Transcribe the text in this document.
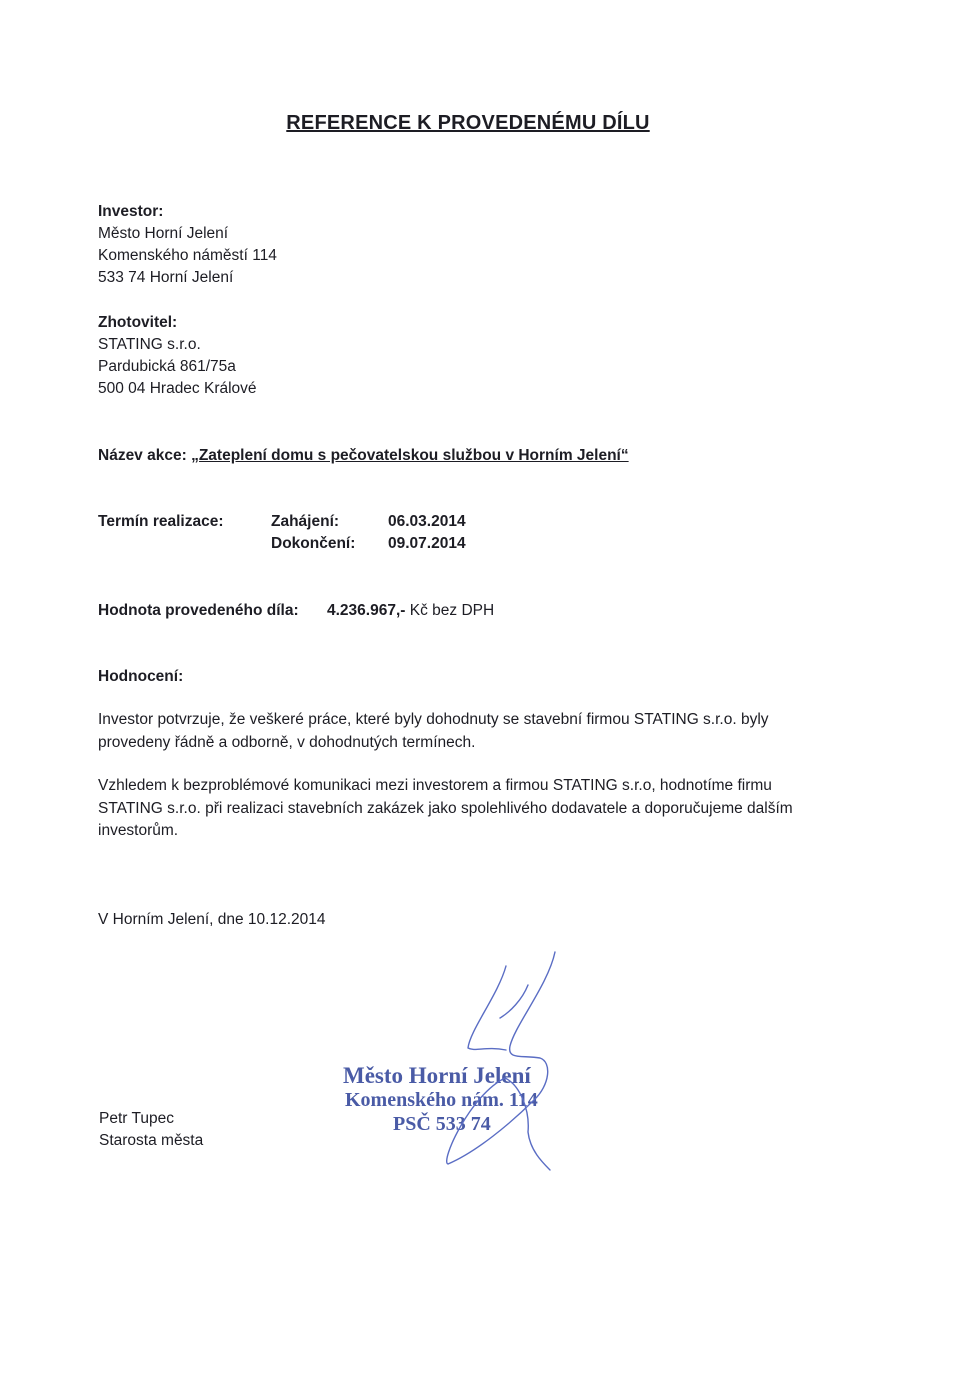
REFERENCE K PROVEDENÉMU DÍLU
Investor:
Město Horní Jelení
Komenského náměstí 114
533 74 Horní Jelení
Zhotovitel:
STATING s.r.o.
Pardubická 861/75a
500 04 Hradec Králové
Název akce: „Zateplení domu s pečovatelskou službou v Horním Jelení“
Termín realizace:	Zahájení:	06.03.2014
Dokončení: 09.07.2014
Hodnota provedeného díla: 4.236.967,- Kč bez DPH
Hodnocení:
Investor potvrzuje, že veškeré práce, které byly dohodnuty se stavební firmou STATING s.r.o. byly provedeny řádně a odborně, v dohodnutých termínech.
Vzhledem k bezproblémové komunikaci mezi investorem a firmou STATING s.r.o, hodnotíme firmu STATING s.r.o. při realizaci stavebních zakázek jako spolehlivého dodavatele a doporučujeme dalším investorům.
V Horním Jelení, dne 10.12.2014
Petr Tupec
Starosta města
Město Horní Jelení
Komenského nám. 114
PSČ 533 74
